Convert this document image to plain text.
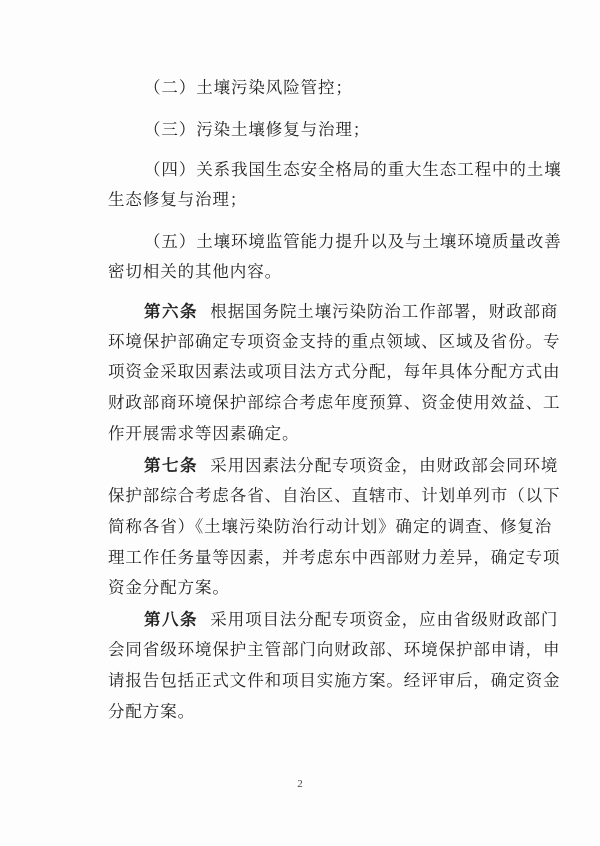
（二）土壤污染风险管控；
（三）污染土壤修复与治理；
（四）关系我国生态安全格局的重大生态工程中的土壤
生态修复与治理；
（五）土壤环境监管能力提升以及与土壤环境质量改善
密切相关的其他内容。
第六条 根据国务院土壤污染防治工作部署，财政部商
环境保护部确定专项资金支持的重点领域、区域及省份。专
项资金采取因素法或项目法方式分配，每年具体分配方式由
财政部商环境保护部综合考虑年度预算、资金使用效益、工
作开展需求等因素确定。
第七条 采用因素法分配专项资金，由财政部会同环境
保护部综合考虑各省、自治区、直辖市、计划单列市（以下
简称各省）《土壤污染防治行动计划》确定的调查、修复治
理工作任务量等因素，并考虑东中西部财力差异，确定专项
资金分配方案。
第八条 采用项目法分配专项资金，应由省级财政部门
会同省级环境保护主管部门向财政部、环境保护部申请，申
请报告包括正式文件和项目实施方案。经评审后，确定资金
分配方案。
2
